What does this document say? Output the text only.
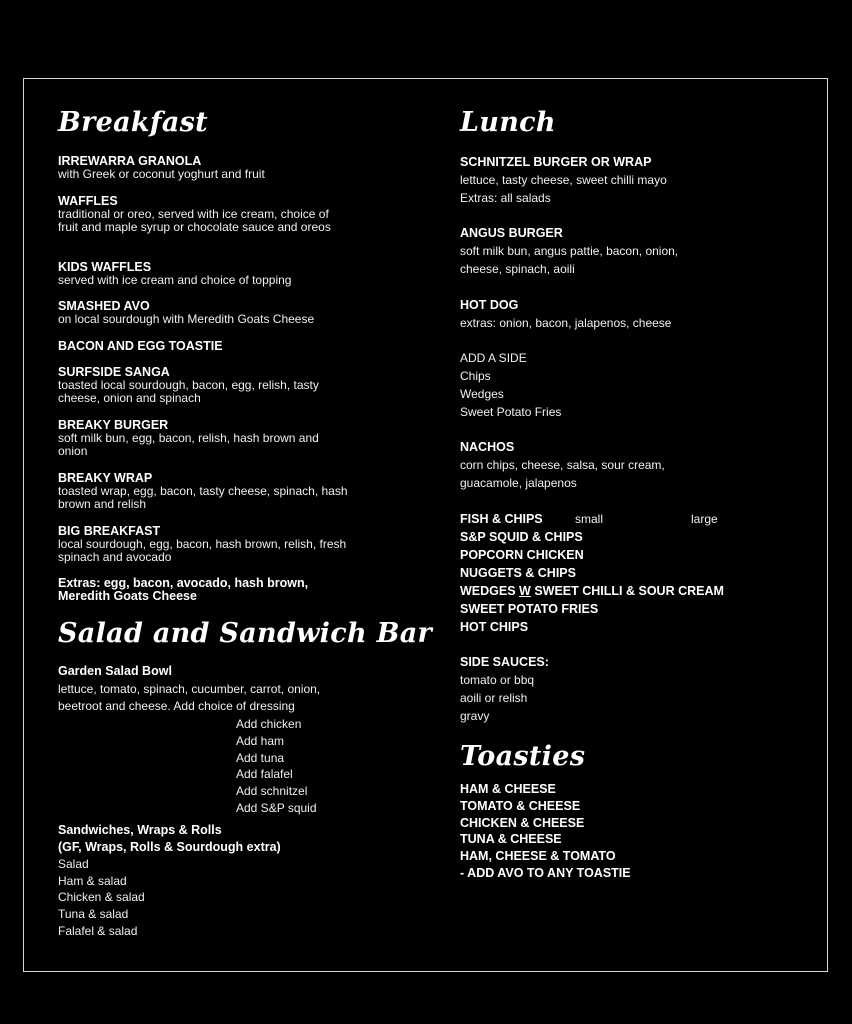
Breakfast
IRREWARRA GRANOLA
with Greek or coconut yoghurt and fruit
WAFFLES
traditional or oreo, served with ice cream, choice of fruit and maple syrup or chocolate sauce and oreos
KIDS WAFFLES
served with ice cream and choice of topping
SMASHED AVO
on local sourdough with Meredith Goats Cheese
BACON AND EGG TOASTIE
SURFSIDE SANGA
toasted local sourdough, bacon, egg, relish, tasty cheese, onion and spinach
BREAKY BURGER
soft milk bun, egg, bacon, relish, hash brown and onion
BREAKY WRAP
toasted wrap, egg, bacon, tasty cheese, spinach, hash brown and relish
BIG BREAKFAST
local sourdough, egg, bacon, hash brown, relish, fresh spinach and avocado
Extras: egg, bacon, avocado, hash brown,
Meredith Goats Cheese
Salad and Sandwich Bar
Garden Salad Bowl
lettuce, tomato, spinach, cucumber, carrot, onion, beetroot and cheese. Add choice of dressing
Add chicken
Add ham
Add tuna
Add falafel
Add schnitzel
Add S&P squid
Sandwiches, Wraps & Rolls
(GF, Wraps, Rolls & Sourdough extra)
Salad
Ham & salad
Chicken & salad
Tuna & salad
Falafel & salad
Lunch
SCHNITZEL BURGER OR WRAP
lettuce, tasty cheese, sweet chilli mayo
Extras: all salads
ANGUS BURGER
soft milk bun, angus pattie, bacon, onion,
cheese, spinach, aoili
HOT DOG
extras: onion, bacon, jalapenos, cheese
ADD A SIDE
Chips
Wedges
Sweet Potato Fries
NACHOS
corn chips, cheese, salsa, sour cream,
guacamole, jalapenos
FISH & CHIPS	small	large
S&P SQUID & CHIPS
POPCORN CHICKEN
NUGGETS & CHIPS
WEDGES W SWEET CHILLI & SOUR CREAM
SWEET POTATO FRIES
HOT CHIPS
SIDE SAUCES:
tomato or bbq
aoili or relish
gravy
Toasties
HAM & CHEESE
TOMATO & CHEESE
CHICKEN & CHEESE
TUNA & CHEESE
HAM, CHEESE & TOMATO
- ADD AVO TO ANY TOASTIE
